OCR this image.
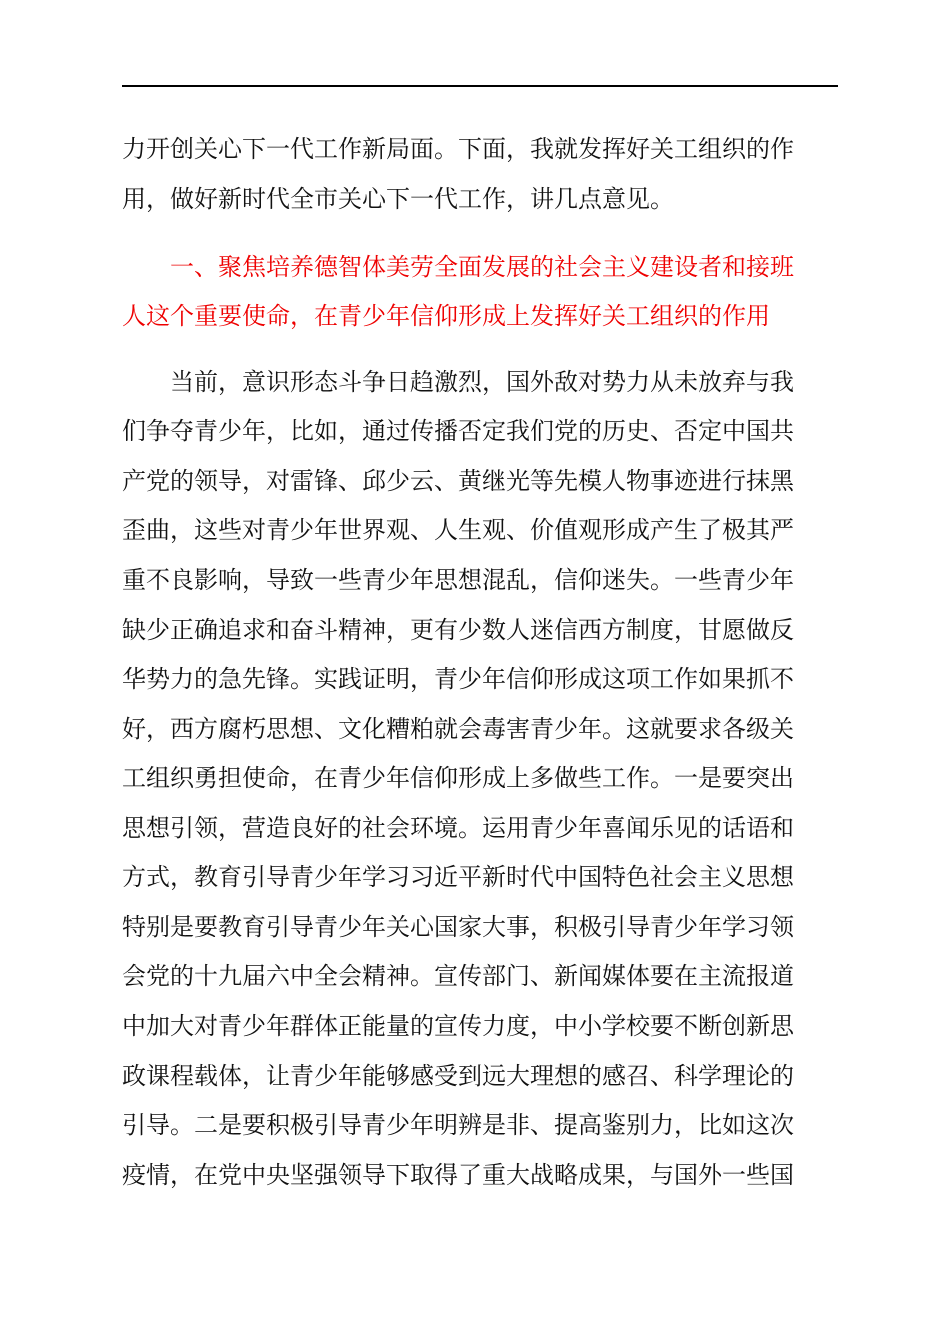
力开创关心下一代工作新局面。下面，我就发挥好关工组织的作
用，做好新时代全市关心下一代工作，讲几点意见。
　　一、聚焦培养德智体美劳全面发展的社会主义建设者和接班
人这个重要使命，在青少年信仰形成上发挥好关工组织的作用
　　当前，意识形态斗争日趋激烈，国外敌对势力从未放弃与我
们争夺青少年，比如，通过传播否定我们党的历史、否定中国共
产党的领导，对雷锋、邱少云、黄继光等先模人物事迹进行抹黑
歪曲，这些对青少年世界观、人生观、价值观形成产生了极其严
重不良影响，导致一些青少年思想混乱，信仰迷失。一些青少年
缺少正确追求和奋斗精神，更有少数人迷信西方制度，甘愿做反
华势力的急先锋。实践证明，青少年信仰形成这项工作如果抓不
好，西方腐朽思想、文化糟粕就会毒害青少年。这就要求各级关
工组织勇担使命，在青少年信仰形成上多做些工作。一是要突出
思想引领，营造良好的社会环境。运用青少年喜闻乐见的话语和
方式，教育引导青少年学习习近平新时代中国特色社会主义思想
特别是要教育引导青少年关心国家大事，积极引导青少年学习领
会党的十九届六中全会精神。宣传部门、新闻媒体要在主流报道
中加大对青少年群体正能量的宣传力度，中小学校要不断创新思
政课程载体，让青少年能够感受到远大理想的感召、科学理论的
引导。二是要积极引导青少年明辨是非、提高鉴别力，比如这次
疫情，在党中央坚强领导下取得了重大战略成果，与国外一些国
